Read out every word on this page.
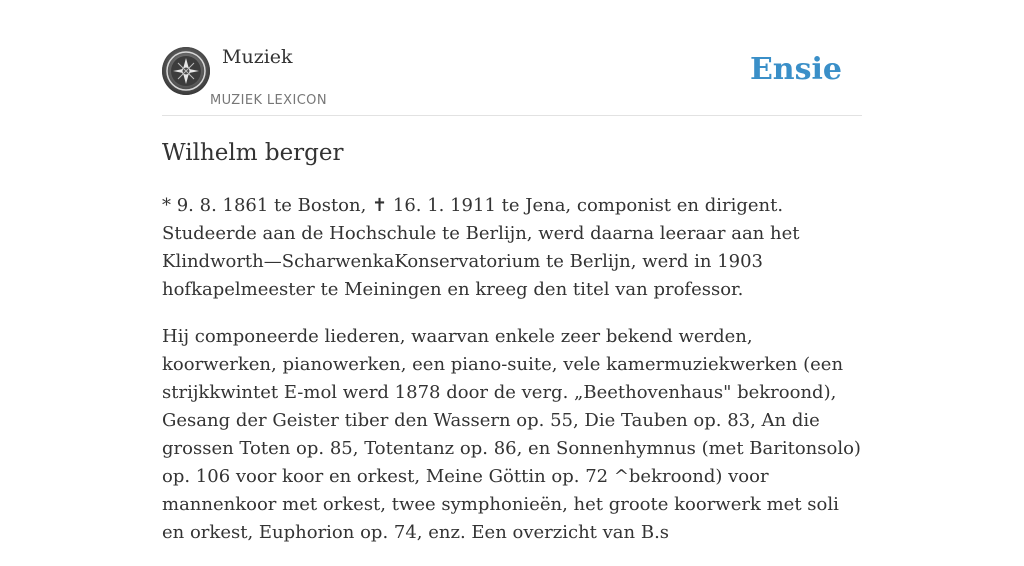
Muziek
MUZIEK LEXICON
Ensie
Wilhelm berger

* 9. 8. 1861 te Boston, ✝ 16. 1. 1911 te Jena, componist en dirigent. Studeerde aan de Hochschule te Berlijn, werd daarna leeraar aan het Klindworth—ScharwenkaKonservatorium te Berlijn, werd in 1903 hofkapelmeester te Meiningen en kreeg den titel van professor.

Hij componeerde liederen, waarvan enkele zeer bekend werden, koorwerken, pianowerken, een piano-suite, vele kamermuziekwerken (een strijkkwintet E-mol werd 1878 door de verg. „Beethovenhaus" bekroond), Gesang der Geister tiber den Wassern op. 55, Die Tauben op. 83, An die grossen Toten op. 85, Totentanz op. 86, en Sonnenhymnus (met Baritonsolo) op. 106 voor koor en orkest, Meine Göttin op. 72 ^bekroond) voor mannenkoor met orkest, twee symphonieën, het groote koorwerk met soli en orkest, Euphorion op. 74, enz. Een overzicht van B.s
